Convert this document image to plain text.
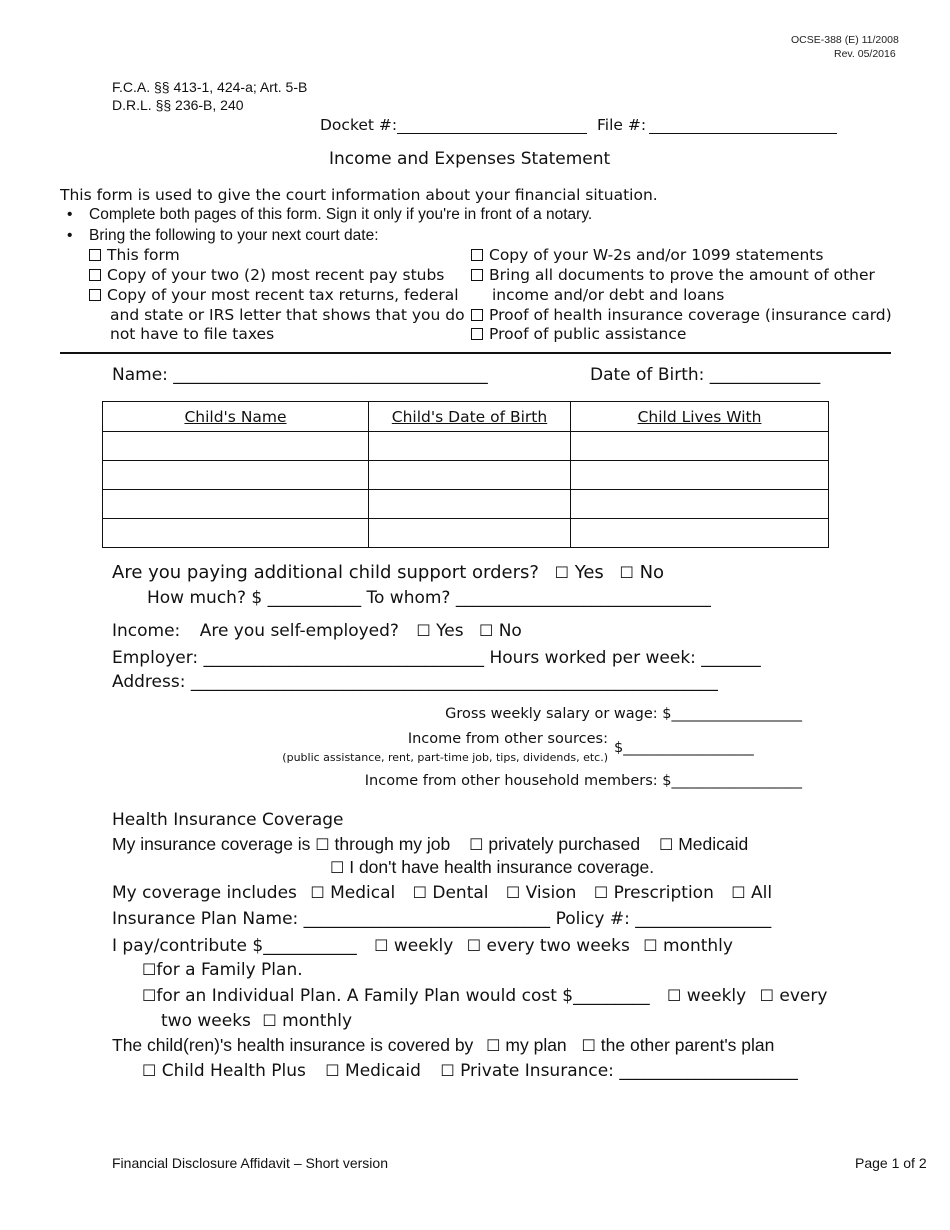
OCSE-388 (E) 11/2008
Rev. 05/2016
F.C.A. §§ 413-1, 424-a; Art. 5-B
D.R.L. §§ 236-B, 240
Docket #:	File #:
Income and Expenses Statement
This form is used to give the court information about your financial situation.
• Complete both pages of this form. Sign it only if you're in front of a notary.
• Bring the following to your next court date:
This form
Copy of your two (2) most recent pay stubs
Copy of your most recent tax returns, federal
and state or IRS letter that shows that you do
not have to file taxes
Copy of your W-2s and/or 1099 statements
Bring all documents to prove the amount of other
income and/or debt and loans
Proof of health insurance coverage (insurance card)
Proof of public assistance
Name: _____________________________________	Date of Birth: _____________
Child's Name	Child's Date of Birth	Child Lives With

Are you paying additional child support orders? ☐ Yes ☐ No
How much? $ ___________ To whom? ______________________________
Income: Are you self-employed? ☐ Yes ☐ No
Employer: _________________________________ Hours worked per week: _______
Address: ______________________________________________________________
Gross weekly salary or wage: $__________________
Income from other sources:
(public assistance, rent, part-time job, tips, dividends, etc.)
$__________________
Income from other household members: $__________________
Health Insurance Coverage
My insurance coverage is ☐ through my job ☐ privately purchased ☐ Medicaid
☐ I don't have health insurance coverage.
My coverage includes ☐ Medical ☐ Dental ☐ Vision ☐ Prescription ☐ All
Insurance Plan Name: _____________________________ Policy #: ________________
I pay/contribute $___________ ☐ weekly ☐ every two weeks ☐ monthly
☐for a Family Plan.
☐for an Individual Plan. A Family Plan would cost $_________ ☐ weekly ☐ every
two weeks ☐ monthly
The child(ren)'s health insurance is covered by ☐ my plan ☐ the other parent's plan
☐ Child Health Plus ☐ Medicaid ☐ Private Insurance: _____________________
Financial Disclosure Affidavit – Short version	Page 1 of 2
